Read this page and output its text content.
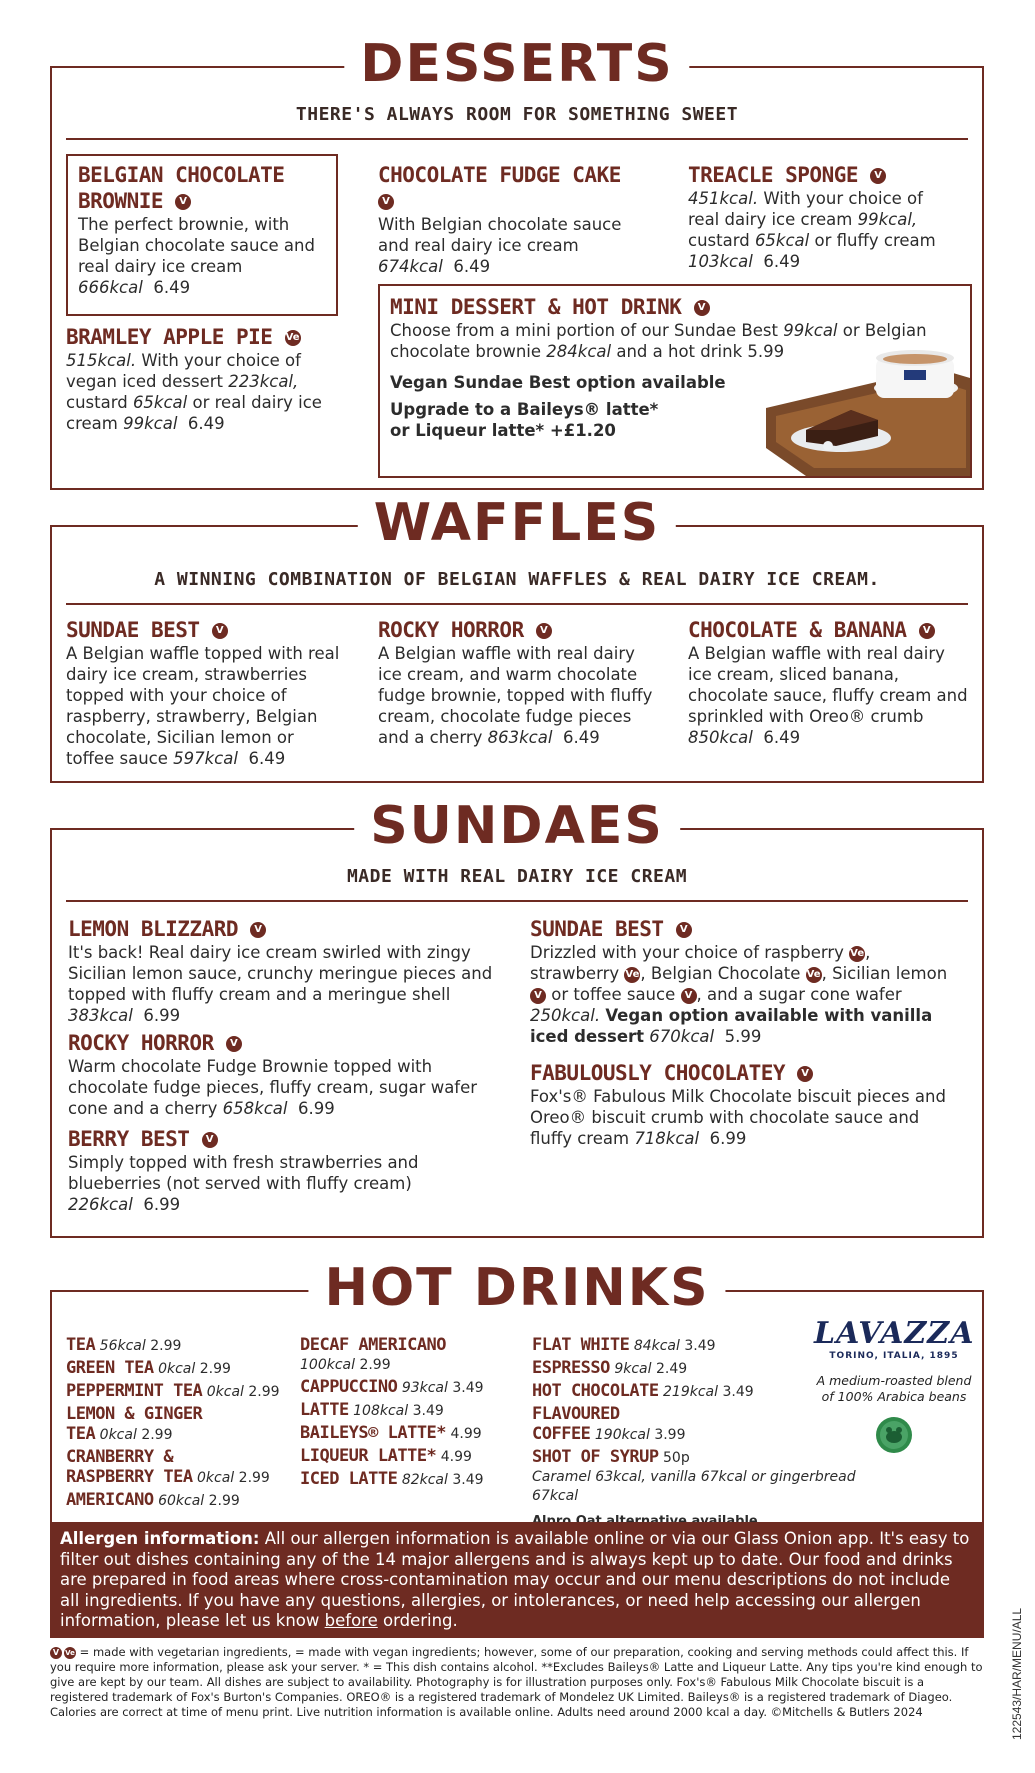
DESSERTS
THERE'S ALWAYS ROOM FOR SOMETHING SWEET
BELGIAN CHOCOLATE
BROWNIE V
The perfect brownie, with Belgian chocolate sauce and real dairy ice cream
666kcal 6.49
BRAMLEY APPLE PIE Ve
515kcal. With your choice of vegan iced dessert 223kcal, custard 65kcal or real dairy ice cream 99kcal 6.49
CHOCOLATE FUDGE CAKE V
With Belgian chocolate sauce and real dairy ice cream
674kcal 6.49
TREACLE SPONGE V
451kcal. With your choice of real dairy ice cream 99kcal, custard 65kcal or fluffy cream
103kcal 6.49
MINI DESSERT & HOT DRINK V
Choose from a mini portion of our Sundae Best 99kcal or Belgian chocolate brownie 284kcal and a hot drink 5.99
Vegan Sundae Best option available
Upgrade to a Baileys® latte*
or Liqueur latte* +£1.20
WAFFLES
A WINNING COMBINATION OF BELGIAN WAFFLES & REAL DAIRY ICE CREAM.
SUNDAE BEST V
A Belgian waffle topped with real dairy ice cream, strawberries topped with your choice of raspberry, strawberry, Belgian chocolate, Sicilian lemon or toffee sauce 597kcal 6.49
ROCKY HORROR V
A Belgian waffle with real dairy ice cream, and warm chocolate fudge brownie, topped with fluffy cream, chocolate fudge pieces and a cherry 863kcal 6.49
CHOCOLATE & BANANA V
A Belgian waffle with real dairy ice cream, sliced banana, chocolate sauce, fluffy cream and sprinkled with Oreo® crumb 850kcal 6.49
SUNDAES
MADE WITH REAL DAIRY ICE CREAM
LEMON BLIZZARD V
It's back! Real dairy ice cream swirled with zingy Sicilian lemon sauce, crunchy meringue pieces and topped with fluffy cream and a meringue shell 383kcal 6.99
ROCKY HORROR V
Warm chocolate Fudge Brownie topped with chocolate fudge pieces, fluffy cream, sugar wafer cone and a cherry 658kcal 6.99
BERRY BEST V
Simply topped with fresh strawberries and blueberries (not served with fluffy cream)
226kcal 6.99
SUNDAE BEST V
Drizzled with your choice of raspberry Ve, strawberry Ve, Belgian Chocolate Ve, Sicilian lemon V or toffee sauce V , and a sugar cone wafer 250kcal. Vegan option available with vanilla iced dessert 670kcal 5.99
FABULOUSLY CHOCOLATEY V
Fox's® Fabulous Milk Chocolate biscuit pieces and Oreo® biscuit crumb with chocolate sauce and fluffy cream 718kcal 6.99
HOT DRINKS
TEA 56kcal 2.99
GREEN TEA 0kcal 2.99
PEPPERMINT TEA 0kcal 2.99
LEMON & GINGER
TEA 0kcal 2.99
CRANBERRY &
RASPBERRY TEA 0kcal 2.99
AMERICANO 60kcal 2.99
DECAF AMERICANO
100kcal 2.99
CAPPUCCINO 93kcal 3.49
LATTE 108kcal 3.49
BAILEYS® LATTE* 4.99
LIQUEUR LATTE* 4.99
ICED LATTE 82kcal 3.49
FLAT WHITE 84kcal 3.49
ESPRESSO 9kcal 2.49
HOT CHOCOLATE 219kcal 3.49
FLAVOURED
COFFEE 190kcal 3.99
SHOT OF SYRUP 50p
Caramel 63kcal, vanilla 67kcal or gingerbread 67kcal
LAVAZZA
TORINO, ITALIA, 1895
A medium-roasted blend of 100% Arabica beans
Allergen information: All our allergen information is available online or via our Glass Onion app. It's easy to filter out dishes containing any of the 14 major allergens and is always kept up to date. Our food and drinks are prepared in food areas where cross-contamination may occur and our menu descriptions do not include all ingredients. If you have any questions, allergies, or intolerances, or need help accessing our allergen information, please let us know before ordering.
V Ve = made with vegetarian ingredients, = made with vegan ingredients; however, some of our preparation, cooking and serving methods could affect this. If you require more information, please ask your server. * = This dish contains alcohol. **Excludes Baileys® Latte and Liqueur Latte. Any tips you're kind enough to give are kept by our team. All dishes are subject to availability. Photography is for illustration purposes only. Fox's® Fabulous Milk Chocolate biscuit is a registered trademark of Fox's Burton's Companies. OREO® is a registered trademark of Mondelez UK Limited. Baileys® is a registered trademark of Diageo. Calories are correct at time of menu print. Live nutrition information is available online. Adults need around 2000 kcal a day. ©Mitchells & Butlers 2024	122543/HAR/MENU/ALL
